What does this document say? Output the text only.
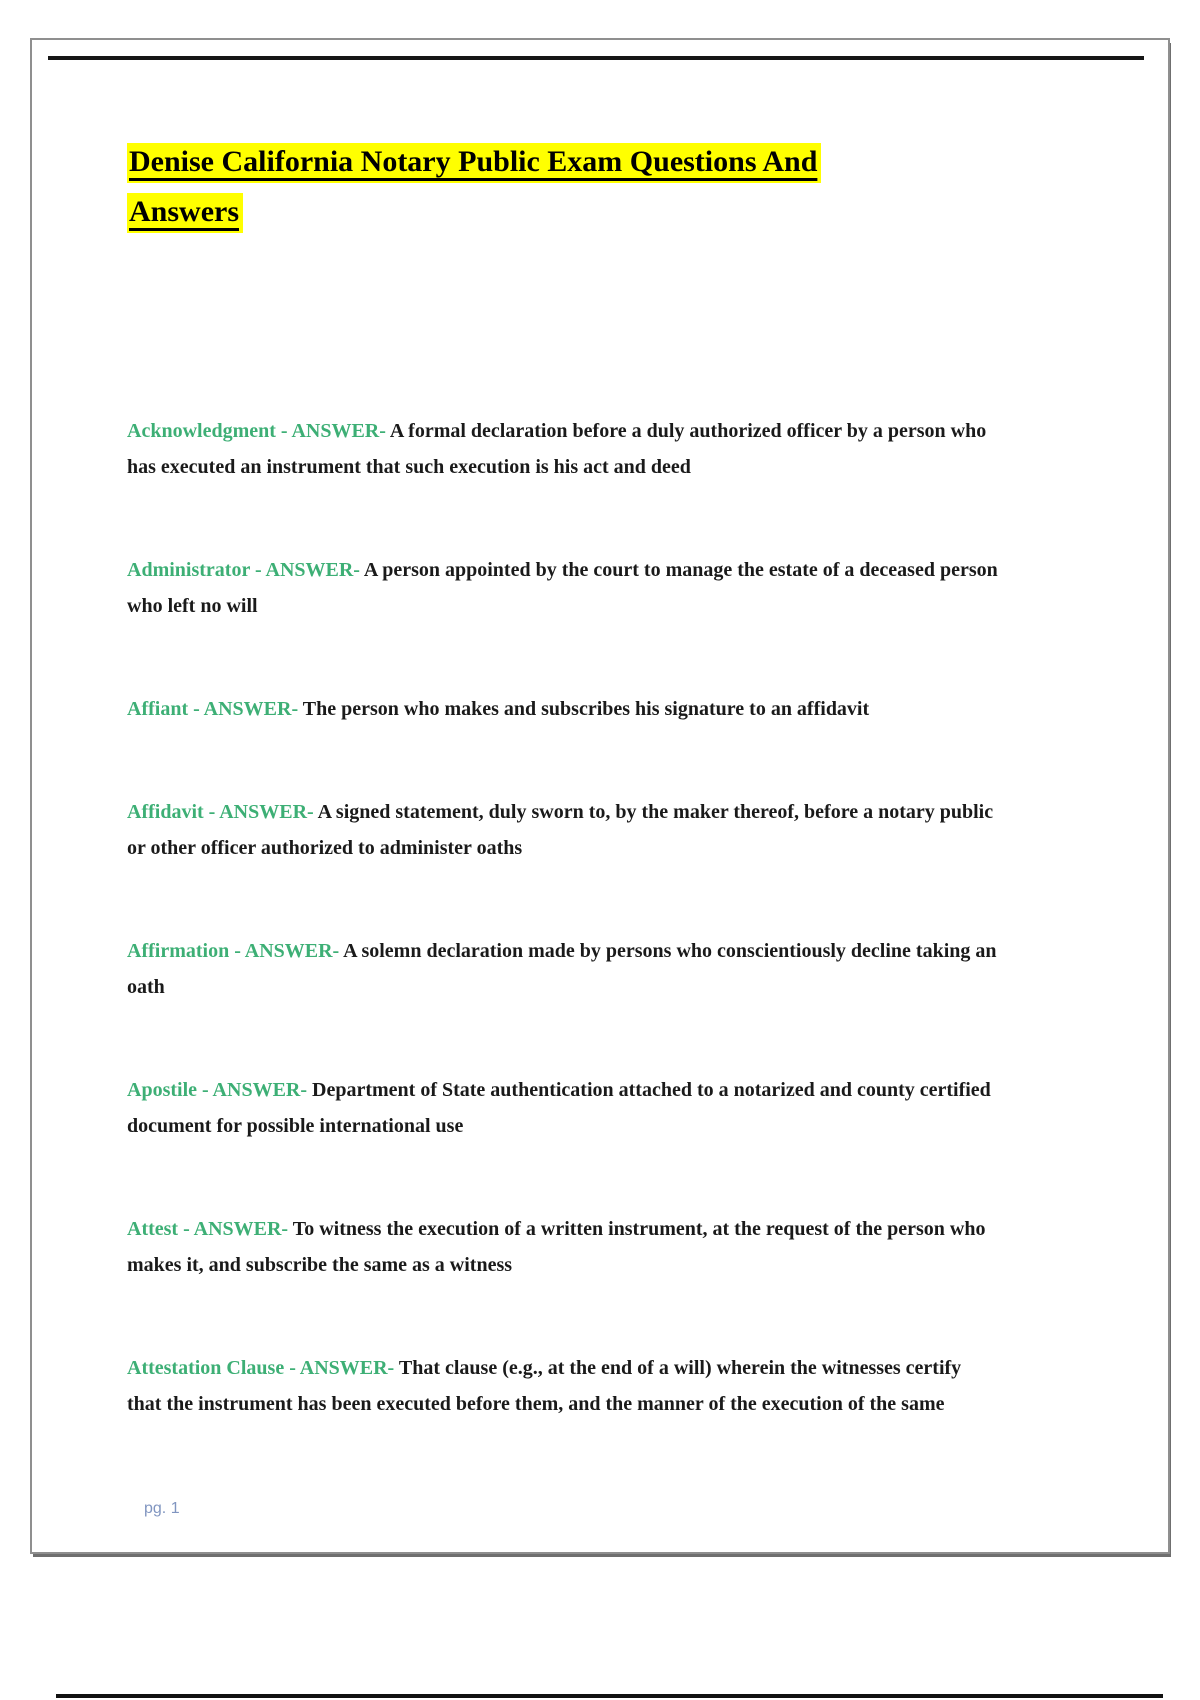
Denise California Notary Public Exam Questions And Answers

Acknowledgment - ANSWER- A formal declaration before a duly authorized officer by a person who has executed an instrument that such execution is his act and deed

Administrator - ANSWER- A person appointed by the court to manage the estate of a deceased person who left no will

Affiant - ANSWER- The person who makes and subscribes his signature to an affidavit

Affidavit - ANSWER- A signed statement, duly sworn to, by the maker thereof, before a notary public or other officer authorized to administer oaths

Affirmation - ANSWER- A solemn declaration made by persons who conscientiously decline taking an oath

Apostile - ANSWER- Department of State authentication attached to a notarized and county certified document for possible international use

Attest - ANSWER- To witness the execution of a written instrument, at the request of the person who makes it, and subscribe the same as a witness

Attestation Clause - ANSWER- That clause (e.g., at the end of a will) wherein the witnesses certify that the instrument has been executed before them, and the manner of the execution of the same

pg. 1
